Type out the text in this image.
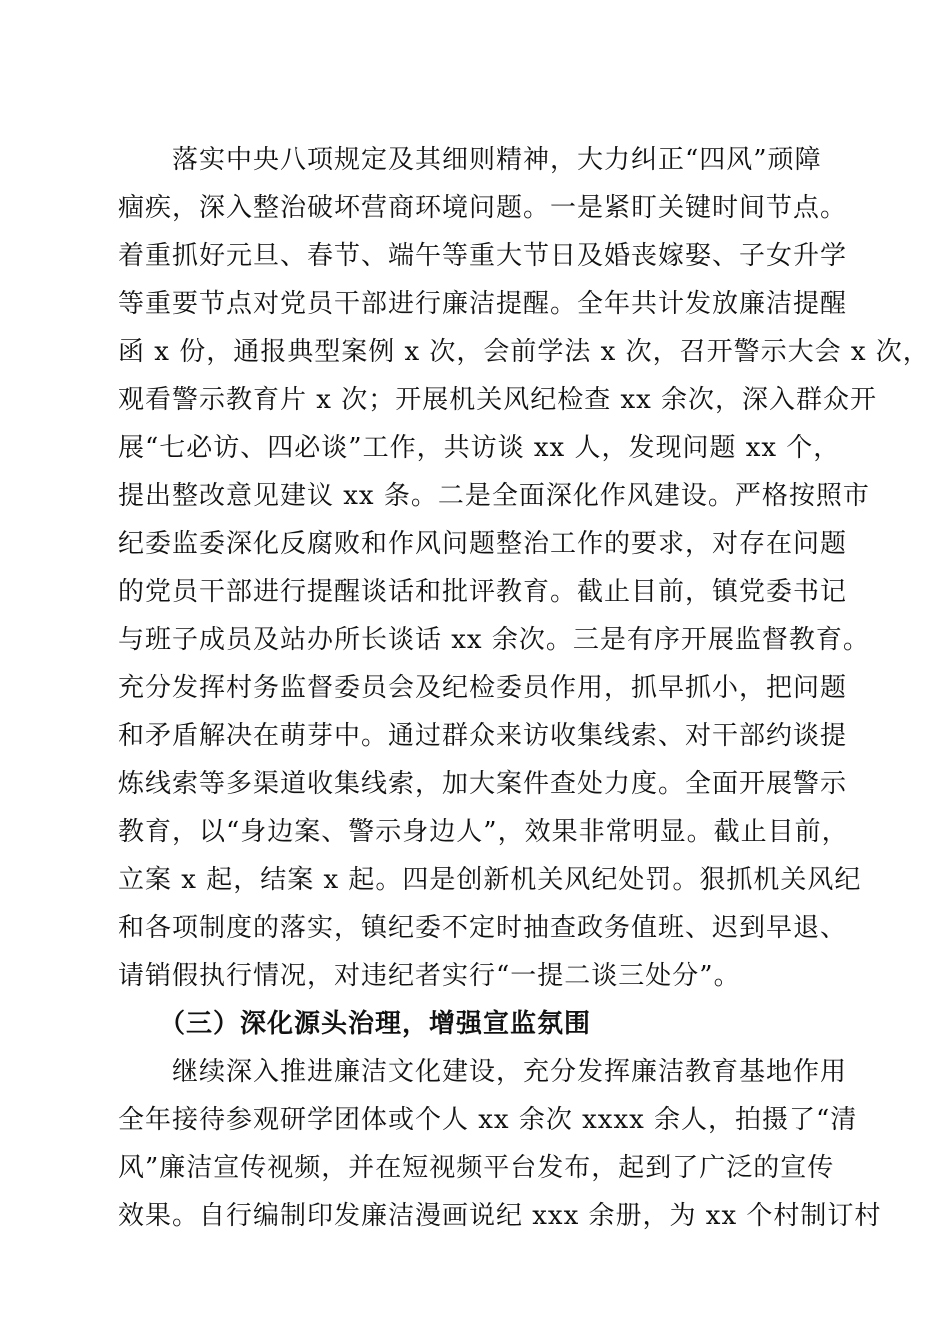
　　落实中央八项规定及其细则精神，大力纠正“四风”顽障
痼疾，深入整治破坏营商环境问题。一是紧盯关键时间节点。
着重抓好元旦、春节、端午等重大节日及婚丧嫁娶、子女升学
等重要节点对党员干部进行廉洁提醒。全年共计发放廉洁提醒
函 x 份，通报典型案例 x 次，会前学法 x 次，召开警示大会 x 次，
观看警示教育片 x 次；开展机关风纪检查 xx 余次，深入群众开
展“七必访、四必谈”工作，共访谈 xx 人，发现问题 xx 个，
提出整改意见建议 xx 条。二是全面深化作风建设。严格按照市
纪委监委深化反腐败和作风问题整治工作的要求，对存在问题
的党员干部进行提醒谈话和批评教育。截止目前，镇党委书记
与班子成员及站办所长谈话 xx 余次。三是有序开展监督教育。
充分发挥村务监督委员会及纪检委员作用，抓早抓小，把问题
和矛盾解决在萌芽中。通过群众来访收集线索、对干部约谈提
炼线索等多渠道收集线索，加大案件查处力度。全面开展警示
教育，以“身边案、警示身边人”，效果非常明显。截止目前，
立案 x 起，结案 x 起。四是创新机关风纪处罚。狠抓机关风纪
和各项制度的落实，镇纪委不定时抽查政务值班、迟到早退、
请销假执行情况，对违纪者实行“一提二谈三处分”。
　　（三）深化源头治理，增强宣监氛围
　　继续深入推进廉洁文化建设，充分发挥廉洁教育基地作用
全年接待参观研学团体或个人 xx 余次 xxxx 余人，拍摄了“清
风”廉洁宣传视频，并在短视频平台发布，起到了广泛的宣传
效果。自行编制印发廉洁漫画说纪 xxx 余册，为 xx 个村制订村
